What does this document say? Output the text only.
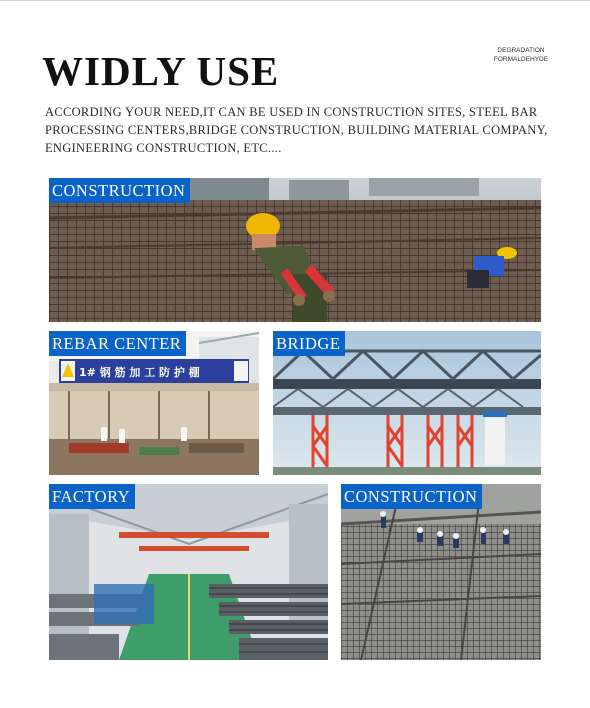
WIDLY USE	DEGRADATION
FORMALDEHYDE

ACCORDING YOUR NEED,IT CAN BE USED IN CONSTRUCTION SITES, STEEL BAR PROCESSING CENTERS,BRIDGE CONSTRUCTION, BUILDING MATERIAL COMPANY, ENGINEERING CONSTRUCTION, ETC....

CONSTRUCTION
1# 钢 筋 加 工 防 护 棚
REBAR CENTER	BRIDGE
FACTORY	CONSTRUCTION
